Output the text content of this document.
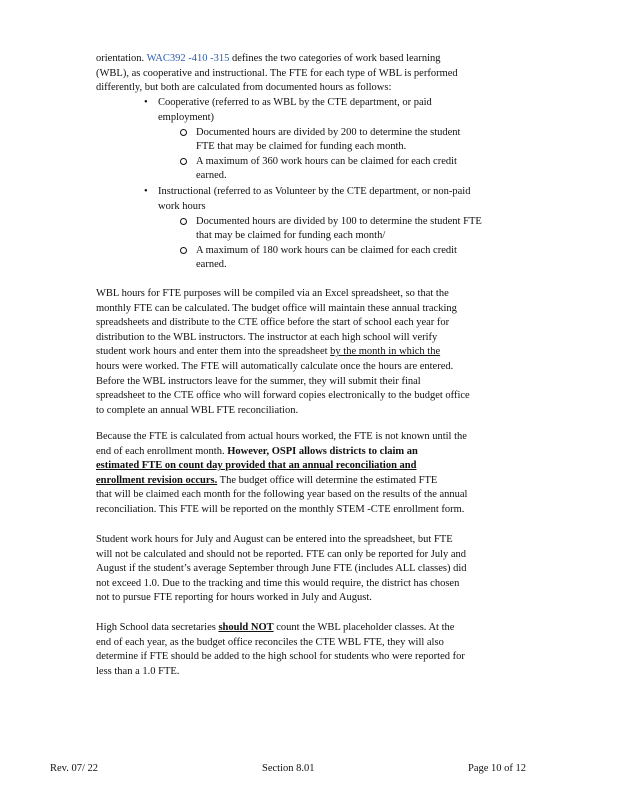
orientation. WAC392 -410 -315 defines the two categories of work based learning
(WBL), as cooperative and instructional. The FTE for each type of WBL is performed
differently, but both are calculated from documented hours as follows:
• Cooperative (referred to as WBL by the CTE department, or paid

employment)

Documented hours are divided by 200 to determine the student

FTE that may be claimed for funding each month.

A maximum of 360 work hours can be claimed for each credit

earned.

• Instructional (referred to as Volunteer by the CTE department, or non-paid

work hours

Documented hours are divided by 100 to determine the student FTE

that may be claimed for funding each month/

A maximum of 180 work hours can be claimed for each credit

earned.

WBL hours for FTE purposes will be compiled via an Excel spreadsheet, so that the
monthly FTE can be calculated. The budget office will maintain these annual tracking
spreadsheets and distribute to the CTE office before the start of school each year for
distribution to the WBL instructors. The instructor at each high school will verify
student work hours and enter them into the spreadsheet by the month in which the
hours were worked. The FTE will automatically calculate once the hours are entered.
Before the WBL instructors leave for the summer, they will submit their final
spreadsheet to the CTE office who will forward copies electronically to the budget office
to complete an annual WBL FTE reconciliation.
Because the FTE is calculated from actual hours worked, the FTE is not known until the
end of each enrollment month. However, OSPI allows districts to claim an
estimated FTE on count day provided that an annual reconciliation and
enrollment revision occurs. The budget office will determine the estimated FTE
that will be claimed each month for the following year based on the results of the annual
reconciliation. This FTE will be reported on the monthly STEM -CTE enrollment form.
Student work hours for July and August can be entered into the spreadsheet, but FTE
will not be calculated and should not be reported. FTE can only be reported for July and
August if the student’s average September through June FTE (includes ALL classes) did
not exceed 1.0. Due to the tracking and time this would require, the district has chosen
not to pursue FTE reporting for hours worked in July and August.
High School data secretaries should NOT count the WBL placeholder classes. At the
end of each year, as the budget office reconciles the CTE WBL FTE, they will also
determine if FTE should be added to the high school for students who were reported for
less than a 1.0 FTE.
Rev. 07/ 22	Section 8.01	Page 10 of 12
